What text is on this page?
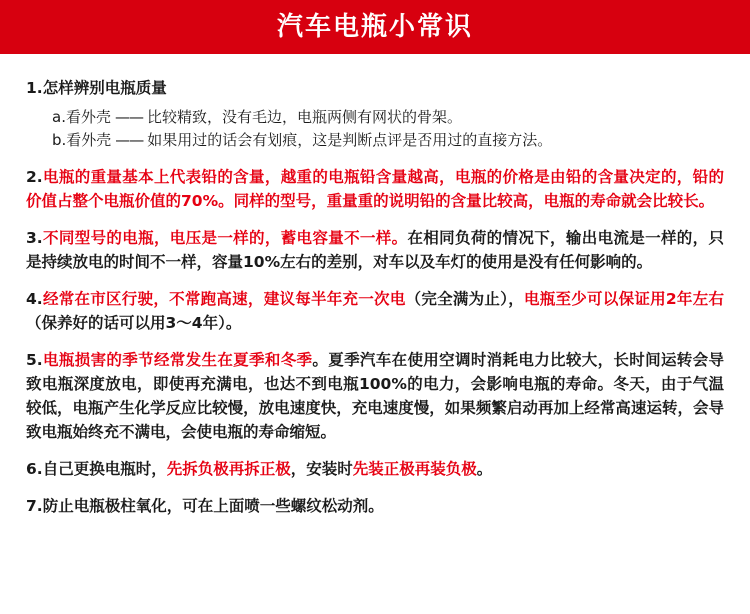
汽车电瓶小常识
1.怎样辨别电瓶质量
a.看外壳 —— 比较精致，没有毛边，电瓶两侧有网状的骨架。
b.看外壳 —— 如果用过的话会有划痕，这是判断点评是否用过的直接方法。
2.电瓶的重量基本上代表铅的含量，越重的电瓶铅含量越高，电瓶的价格是由铅的含量决定的，铅的价值占整个电瓶价值的70%。同样的型号，重量重的说明铅的含量比较高，电瓶的寿命就会比较长。
3.不同型号的电瓶，电压是一样的，蓄电容量不一样。在相同负荷的情况下，输出电流是一样的，只是持续放电的时间不一样，容量10%左右的差别，对车以及车灯的使用是没有任何影响的。
4.经常在市区行驶，不常跑高速，建议每半年充一次电（完全满为止），电瓶至少可以保证用2年左右（保养好的话可以用3～4年）。
5.电瓶损害的季节经常发生在夏季和冬季。夏季汽车在使用空调时消耗电力比较大，长时间运转会导致电瓶深度放电，即使再充满电，也达不到电瓶100%的电力，会影响电瓶的寿命。冬天，由于气温较低，电瓶产生化学反应比较慢，放电速度快，充电速度慢，如果频繁启动再加上经常高速运转，会导致电瓶始终充不满电，会使电瓶的寿命缩短。
6.自己更换电瓶时，先拆负极再拆正极，安装时先装正极再装负极。
7.防止电瓶极柱氧化，可在上面喷一些螺纹松动剂。
